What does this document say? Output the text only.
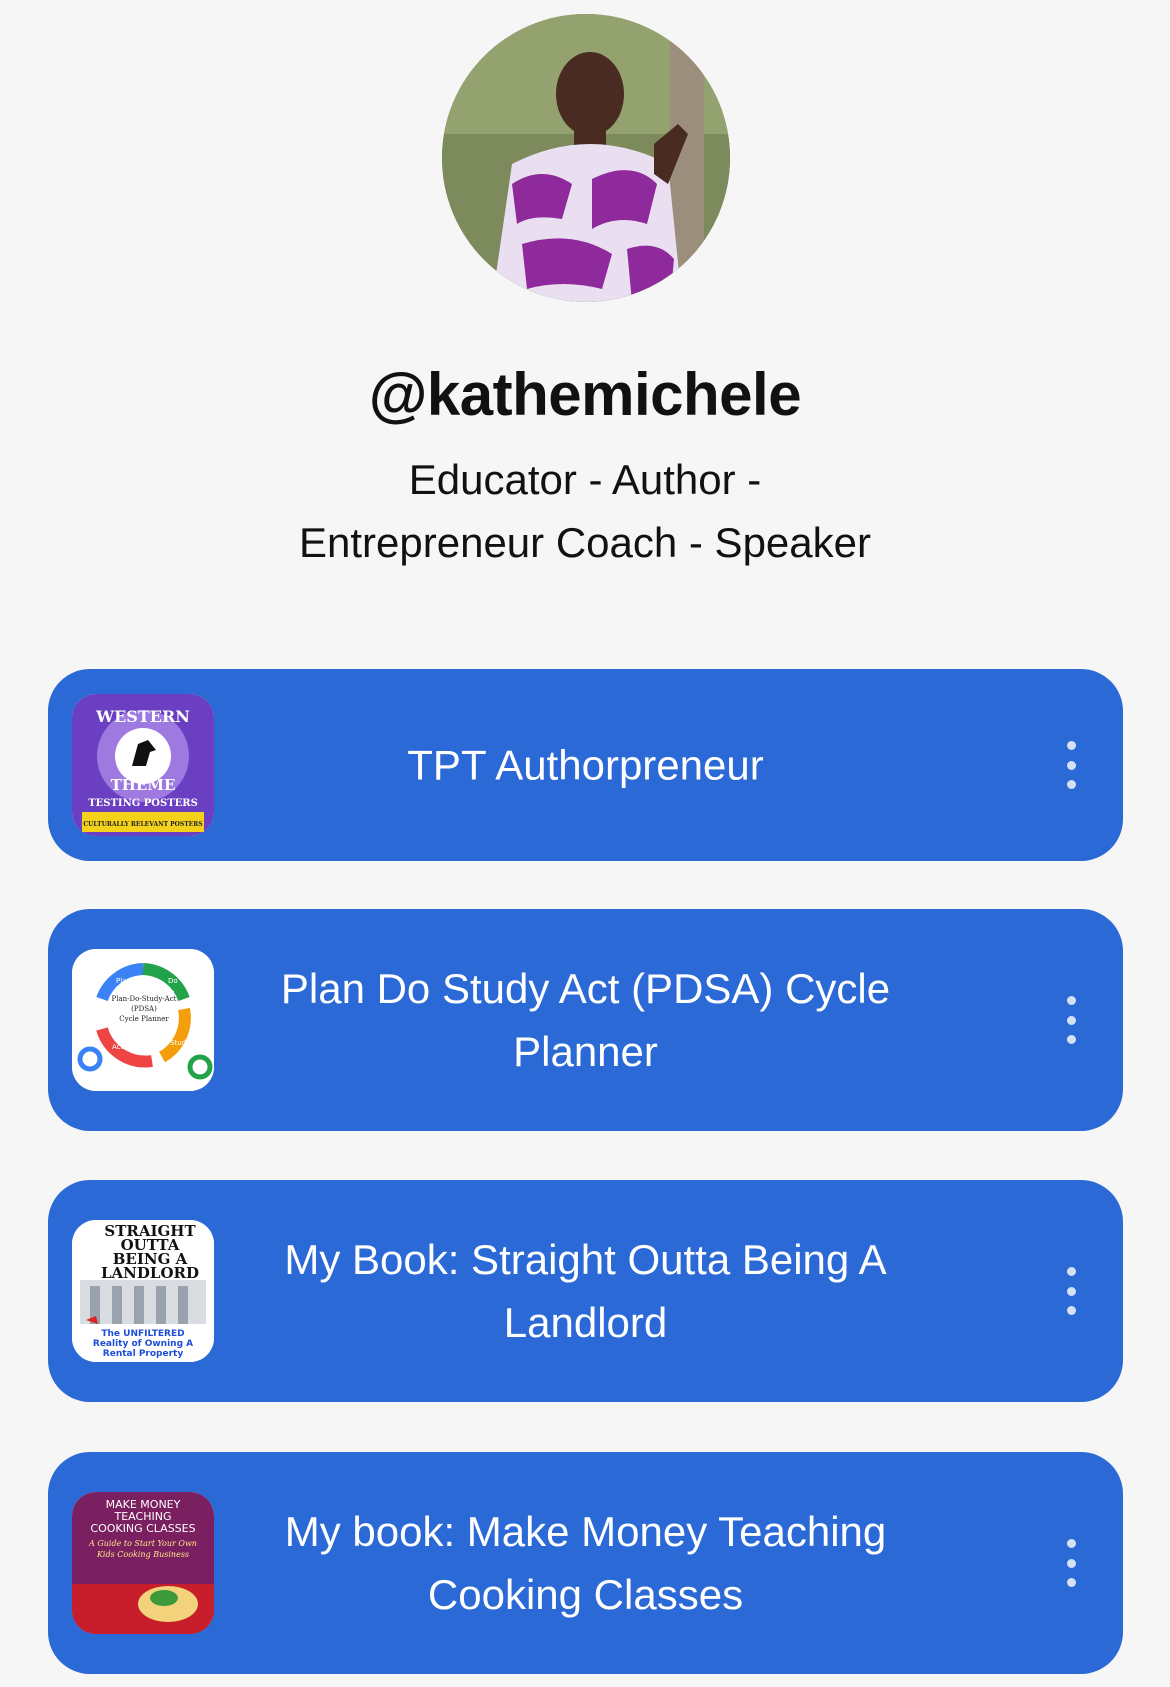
@kathemichele
Educator - Author -
Entrepreneur Coach - Speaker
WESTERN
THEME
TESTING POSTERS
CULTURALLY RELEVANT POSTERS
TPT Authorpreneur
Plan-Do-Study-Act
(PDSA)
Cycle Planner
Plan	Do
Study
Act
Plan Do Study Act (PDSA) Cycle Planner
STRAIGHT
OUTTA
BEING A
LANDLORD
The UNFILTERED
Reality of Owning A
Rental Property
My Book: Straight Outta Being A Landlord
MAKE MONEY
TEACHING
COOKING CLASSES
A Guide to Start Your Own
Kids Cooking Business My book: Make Money Teaching Cooking Classes
